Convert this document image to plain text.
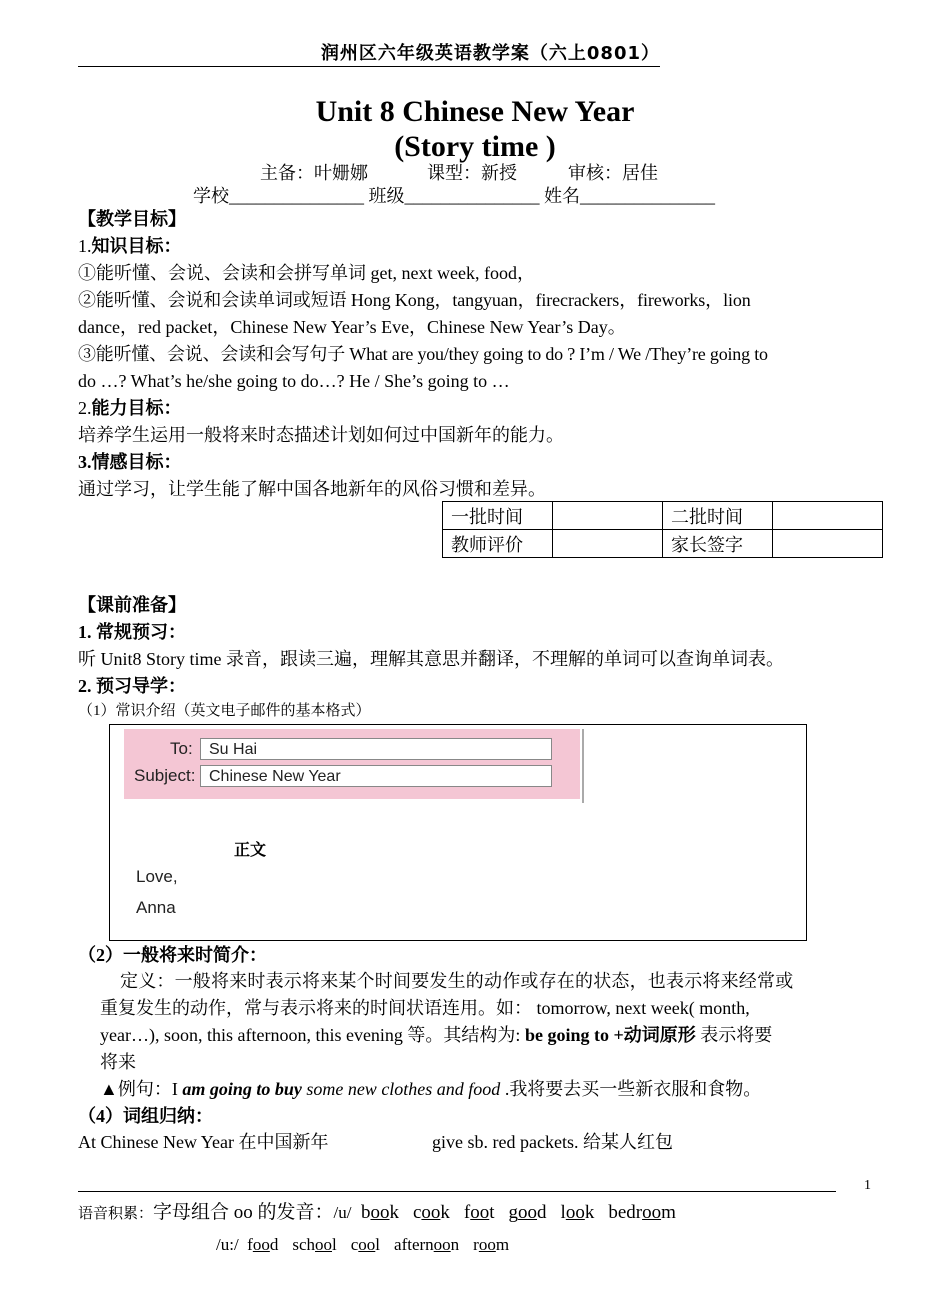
润州区六年级英语教学案（六上0801）
Unit 8 Chinese New Year
(Story time )
主备：叶姗娜	课型：新授	审核：居佳
学校_______________ 班级_______________ 姓名_______________
【教学目标】
1.知识目标：
①能听懂、会说、会读和会拼写单词 get, next week, food，
②能听懂、会说和会读单词或短语 Hong Kong，tangyuan，firecrackers，fireworks，lion
dance，red packet，Chinese New Year’s Eve，Chinese New Year’s Day。
③能听懂、会说、会读和会写句子 What are you/they going to do ? I’m / We /They’re going to
do …? What’s he/she going to do…? He / She’s going to …
2.能力目标：
培养学生运用一般将来时态描述计划如何过中国新年的能力。
3.情感目标：
通过学习，让学生能了解中国各地新年的风俗习惯和差异。
一批时间		二批时间	
教师评价		家长签字	
【课前准备】
1. 常规预习：
听 Unit8 Story time 录音，跟读三遍，理解其意思并翻译，不理解的单词可以查询单词表。
2. 预习导学：
（1）常识介绍（英文电子邮件的基本格式）
To:	Su Hai
Subject: Chinese New Year
正文
Love,
Anna
（2）一般将来时简介：
定义：一般将来时表示将来某个时间要发生的动作或存在的状态，也表示将来经常或
重复发生的动作，常与表示将来的时间状语连用。如： tomorrow, next week( month,
year…), soon, this afternoon, this evening 等。其结构为: be going to +动词原形 表示将要
将来
▲例句：I am going to buy some new clothes and food .我将要去买一些新衣服和食物。
（4）词组归纳：
At Chinese New Year 在中国新年	give sb. red packets. 给某人红包
1
语音积累：字母组合 oo 的发音：/u/ book cook foot good look bedroom
/u:/ food school cool afternoon room
